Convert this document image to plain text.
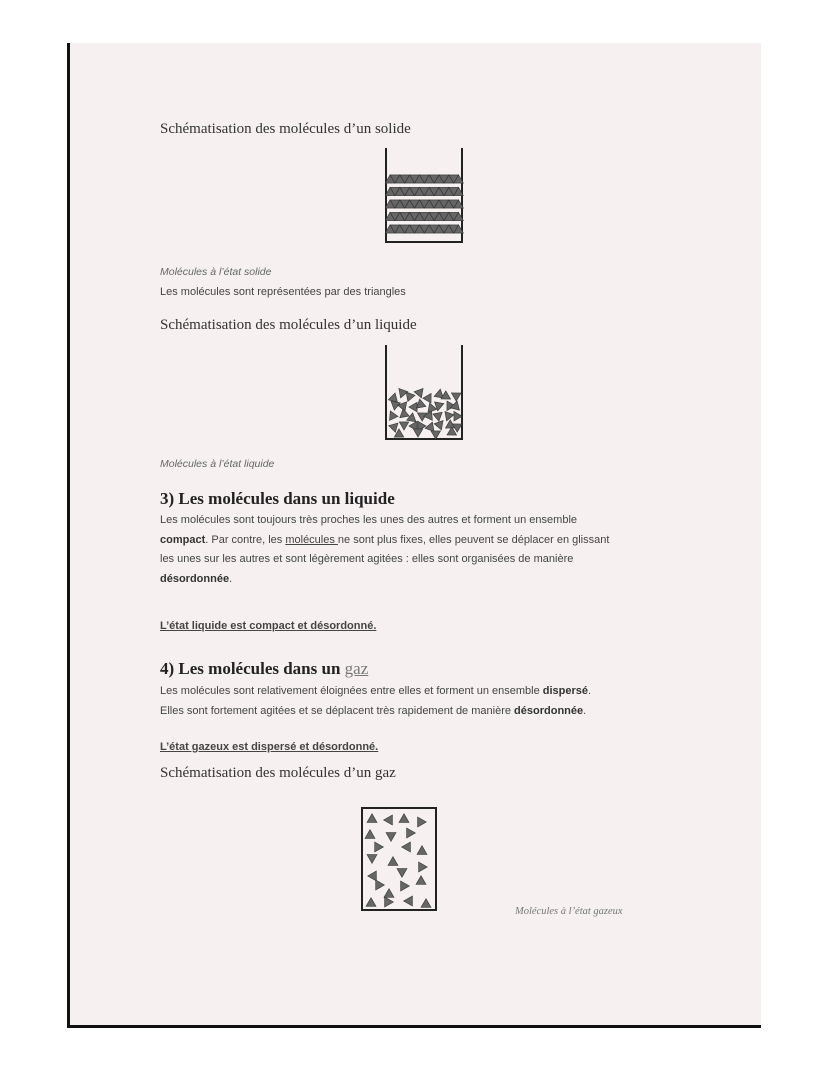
Schématisation des molécules d’un solide
Molécules à l’état solide
Les molécules sont représentées par des triangles
Schématisation des molécules d’un liquide
Molécules à l’état liquide
3) Les molécules dans un liquide
Les molécules sont toujours très proches les unes des autres et forment un ensemble
compact. Par contre, les molécules ne sont plus fixes, elles peuvent se déplacer en glissant
les unes sur les autres et sont légèrement agitées : elles sont organisées de manière
désordonnée.
L’état liquide est compact et désordonné.
4) Les molécules dans un gaz
Les molécules sont relativement éloignées entre elles et forment un ensemble dispersé.
Elles sont fortement agitées et se déplacent très rapidement de manière désordonnée.
L’état gazeux est dispersé et désordonné.
Schématisation des molécules d’un gaz
Molécules à l’état gazeux
